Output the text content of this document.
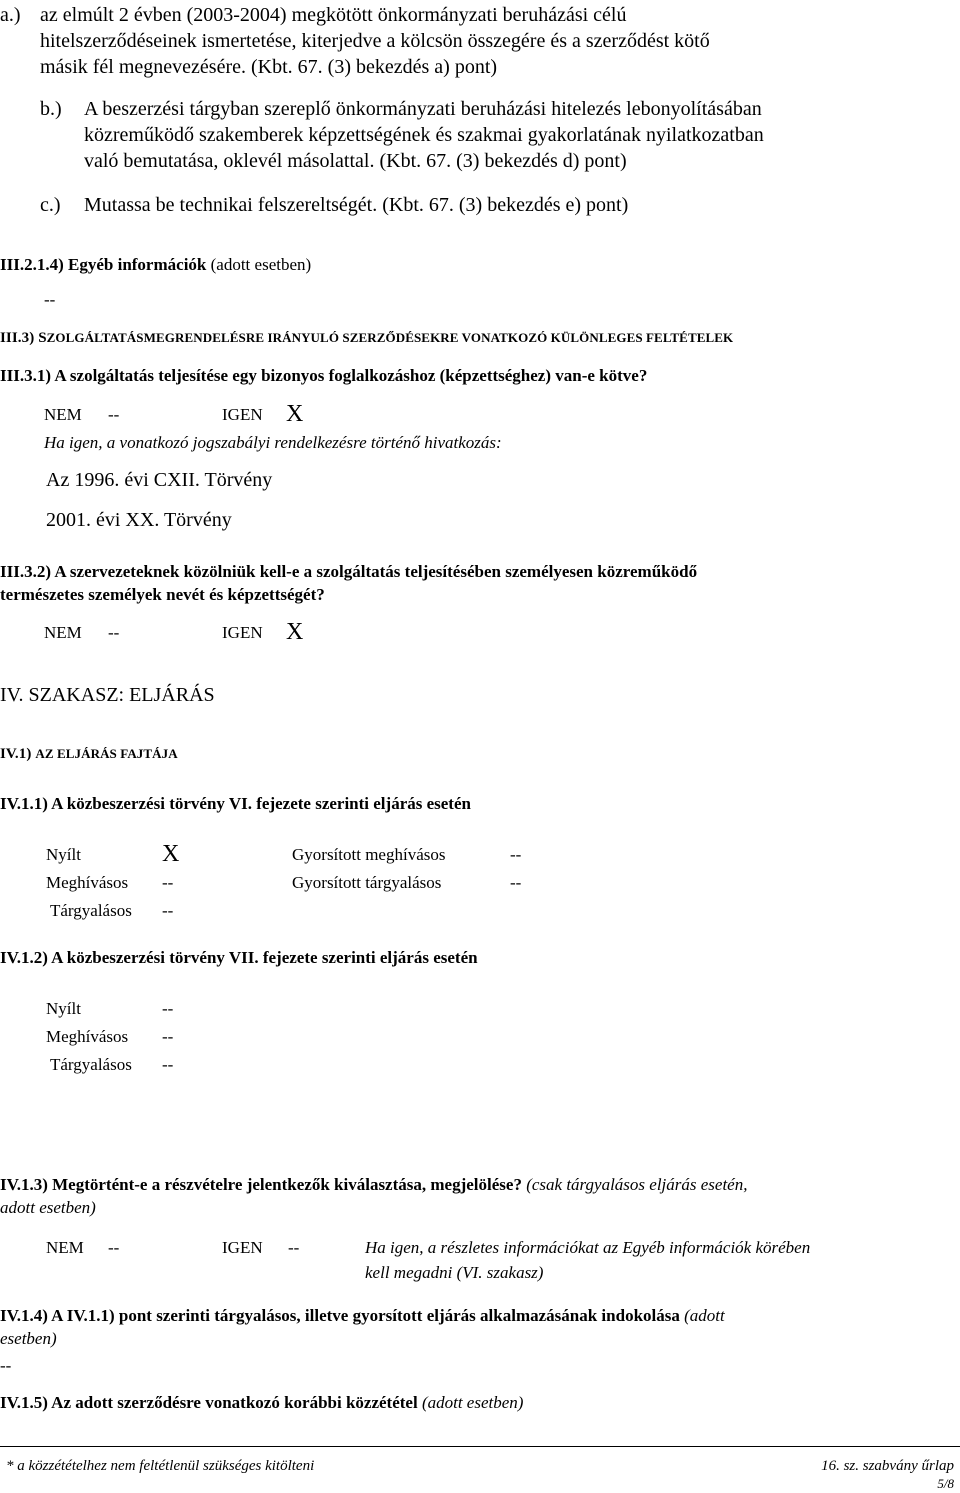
a.) az elmúlt 2 évben (2003-2004) megkötött önkormányzati beruházási célú
hitelszerződéseinek ismertetése, kiterjedve a kölcsön összegére és a szerződést kötő
másik fél megnevezésére. (Kbt. 67. (3) bekezdés a) pont)
b.) A beszerzési tárgyban szereplő önkormányzati beruházási hitelezés lebonyolításában
közreműködő szakemberek képzettségének és szakmai gyakorlatának nyilatkozatban
való bemutatása, oklevél másolattal. (Kbt. 67. (3) bekezdés d) pont)
c.) Mutassa be technikai felszereltségét. (Kbt. 67. (3) bekezdés e) pont)
III.2.1.4) Egyéb információk (adott esetben)
--
III.3) SZOLGÁLTATÁSMEGRENDELÉSRE IRÁNYULÓ SZERZŐDÉSEKRE VONATKOZÓ KÜLÖNLEGES FELTÉTELEK
III.3.1) A szolgáltatás teljesítése egy bizonyos foglalkozáshoz (képzettséghez) van-e kötve?
NEM --	IGEN X
Ha igen, a vonatkozó jogszabályi rendelkezésre történő hivatkozás:
Az 1996. évi CXII. Törvény
2001. évi XX. Törvény
III.3.2) A szervezeteknek közölniük kell-e a szolgáltatás teljesítésében személyesen közreműködő
természetes személyek nevét és képzettségét?
NEM --	IGEN X
IV. SZAKASZ: ELJÁRÁS
IV.1) AZ ELJÁRÁS FAJTÁJA
IV.1.1) A közbeszerzési törvény VI. fejezete szerinti eljárás esetén
Nyílt	X	Gyorsított meghívásos	--
Meghívásos --	Gyorsított tárgyalásos	--
Tárgyalásos --
IV.1.2) A közbeszerzési törvény VII. fejezete szerinti eljárás esetén
Nyílt	--
Meghívásos --
Tárgyalásos --
IV.1.3) Megtörtént-e a részvételre jelentkezők kiválasztása, megjelölése? (csak tárgyalásos eljárás esetén,
adott esetben)
NEM --	IGEN --	Ha igen, a részletes információkat az Egyéb információk körében
kell megadni (VI. szakasz)
IV.1.4) A IV.1.1) pont szerinti tárgyalásos, illetve gyorsított eljárás alkalmazásának indokolása (adott
esetben)
--
IV.1.5) Az adott szerződésre vonatkozó korábbi közzététel (adott esetben)
* a közzétételhez nem feltétlenül szükséges kitölteni	16. sz. szabvány űrlap
5/8
